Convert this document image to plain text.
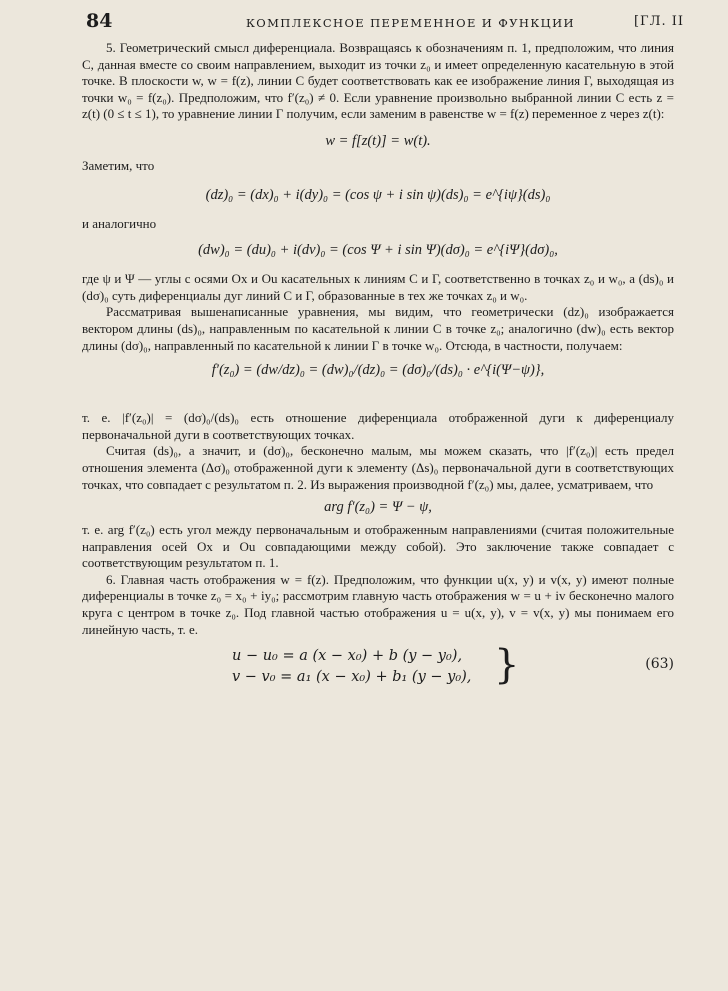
84	КОМПЛЕКСНОЕ ПЕРЕМЕННОЕ И ФУНКЦИИ	[ГЛ. II

5. Геометрический смысл диференциала. Возвращаясь к обозначениям п. 1, предположим, что линия C, данная вместе со своим направлением, выходит из точки z₀ и имеет определенную касательную в этой точке. В плоскости w, w = f(z), линии C будет соответствовать как ее изображение линия Γ, выходящая из точки w₀ = f(z₀). Предположим, что f′(z₀) ≠ 0. Если уравнение произвольно выбранной линии C есть z = z(t) (0 ≤ t ≤ 1), то уравнение линии Γ получим, если заменим в равенстве w = f(z) переменное z через z(t):

w = f[z(t)] = w(t).

Заметим, что

(dz)₀ = (dx)₀ + i(dy)₀ = (cos ψ + i sin ψ)(ds)₀ = e^{iψ}(ds)₀

и аналогично

(dw)₀ = (du)₀ + i(dv)₀ = (cos Ψ + i sin Ψ)(dσ)₀ = e^{iΨ}(dσ)₀,

где ψ и Ψ — углы с осями Ox и Ou касательных к линиям C и Γ, соответственно в точках z₀ и w₀, а (ds)₀ и (dσ)₀ суть диференциалы дуг линий C и Γ, образованные в тех же точках z₀ и w₀.

Рассматривая вышенаписанные уравнения, мы видим, что геометрически (dz)₀ изображается вектором длины (ds)₀, направленным по касательной к линии C в точке z₀; аналогично (dw)₀ есть вектор длины (dσ)₀, направленный по касательной к линии Γ в точке w₀. Отсюда, в частности, получаем:

f′(z₀) = (dw/dz)₀ = (dw)₀/(dz)₀ = (dσ)₀/(ds)₀ · e^{i(Ψ−ψ)},

т. е. |f′(z₀)| = (dσ)₀/(ds)₀ есть отношение диференциала отображенной дуги к диференциалу первоначальной дуги в соответствующих точках.

Считая (ds)₀, а значит, и (dσ)₀, бесконечно малым, мы можем сказать, что |f′(z₀)| есть предел отношения элемента (Δσ)₀ отображенной дуги к элементу (Δs)₀ первоначальной дуги в соответствующих точках, что совпадает с результатом п. 2. Из выражения производной f′(z₀) мы, далее, усматриваем, что

arg f′(z₀) = Ψ − ψ,

т. е. arg f′(z₀) есть угол между первоначальным и отображенным направлениями (считая положительные направления осей Ox и Ou совпадающими между собой). Это заключение также совпадает с соответствующим результатом п. 1.

6. Главная часть отображения w = f(z). Предположим, что функции u(x, y) и v(x, y) имеют полные диференциалы в точке z₀ = x₀ + iy₀; рассмотрим главную часть отображения w = u + iv бесконечно малого круга с центром в точке z₀. Под главной частью отображения u = u(x, y), v = v(x, y) мы понимаем его линейную часть, т. е.

u − u₀ = a (x − x₀) + b (y − y₀),
v − v₀ = a₁ (x − x₀) + b₁ (y − y₀), }	(63)
